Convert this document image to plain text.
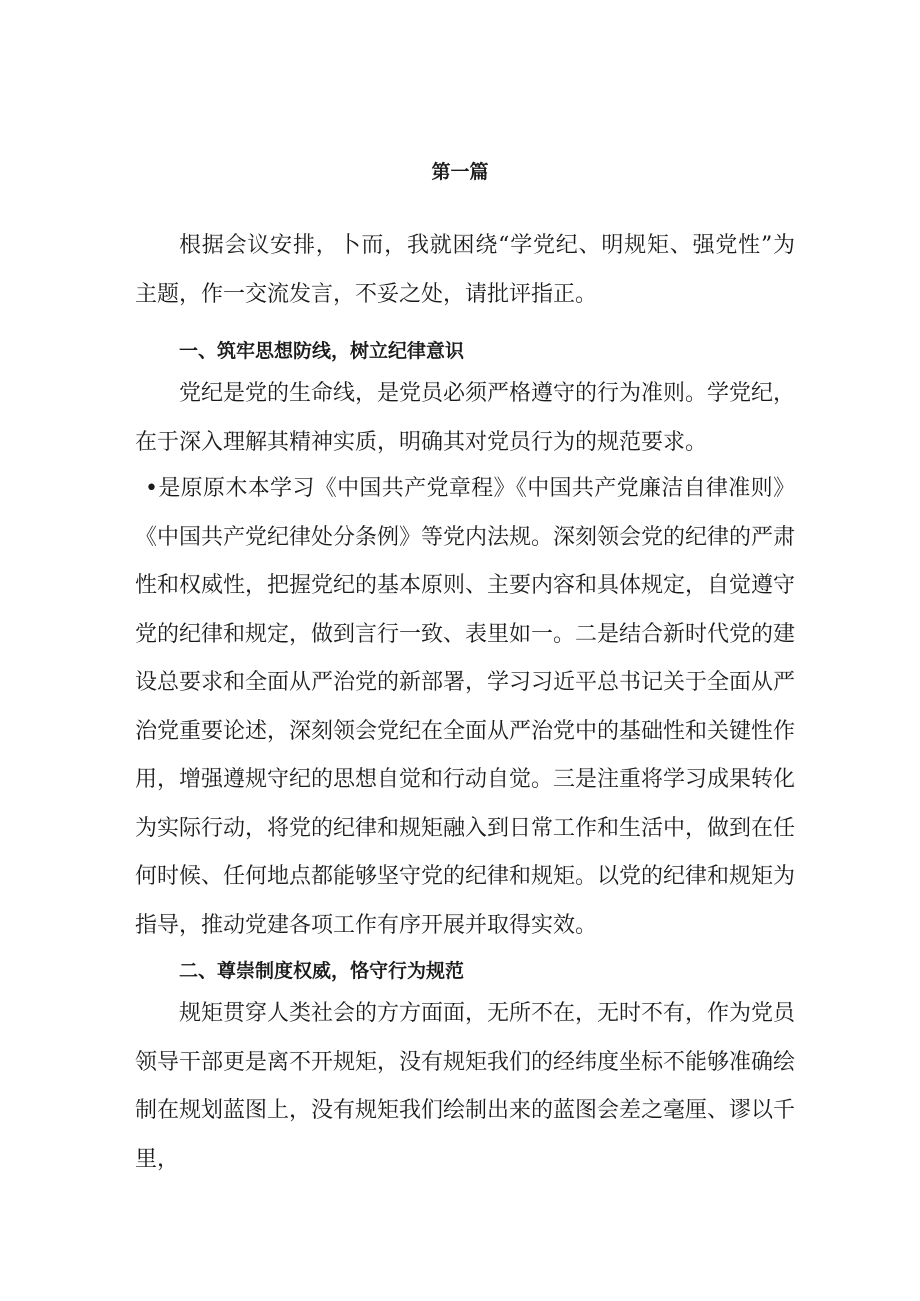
第一篇

根据会议安排，卜而，我就困绕“学党纪、明规矩、强党性”为主题，作一交流发言，不妥之处，请批评指正。

一、筑牢思想防线，树立纪律意识

党纪是党的生命线，是党员必须严格遵守的行为准则。学党纪，在于深入理解其精神实质，明确其对党员行为的规范要求。

•是原原木本学习《中国共产党章程》《中国共产党廉洁自律准则》《中国共产党纪律处分条例》等党内法规。深刻领会党的纪律的严肃性和权威性，把握党纪的基本原则、主要内容和具体规定，自觉遵守党的纪律和规定，做到言行一致、表里如一。二是结合新时代党的建设总要求和全面从严治党的新部署，学习习近平总书记关于全面从严治党重要论述，深刻领会党纪在全面从严治党中的基础性和关键性作用，增强遵规守纪的思想自觉和行动自觉。三是注重将学习成果转化为实际行动，将党的纪律和规矩融入到日常工作和生活中，做到在任何时候、任何地点都能够坚守党的纪律和规矩。以党的纪律和规矩为指导，推动党建各项工作有序开展并取得实效。

二、尊崇制度权威，恪守行为规范

规矩贯穿人类社会的方方面面，无所不在，无时不有，作为党员领导干部更是离不开规矩，没有规矩我们的经纬度坐标不能够准确绘制在规划蓝图上，没有规矩我们绘制出来的蓝图会差之毫厘、谬以千里，
